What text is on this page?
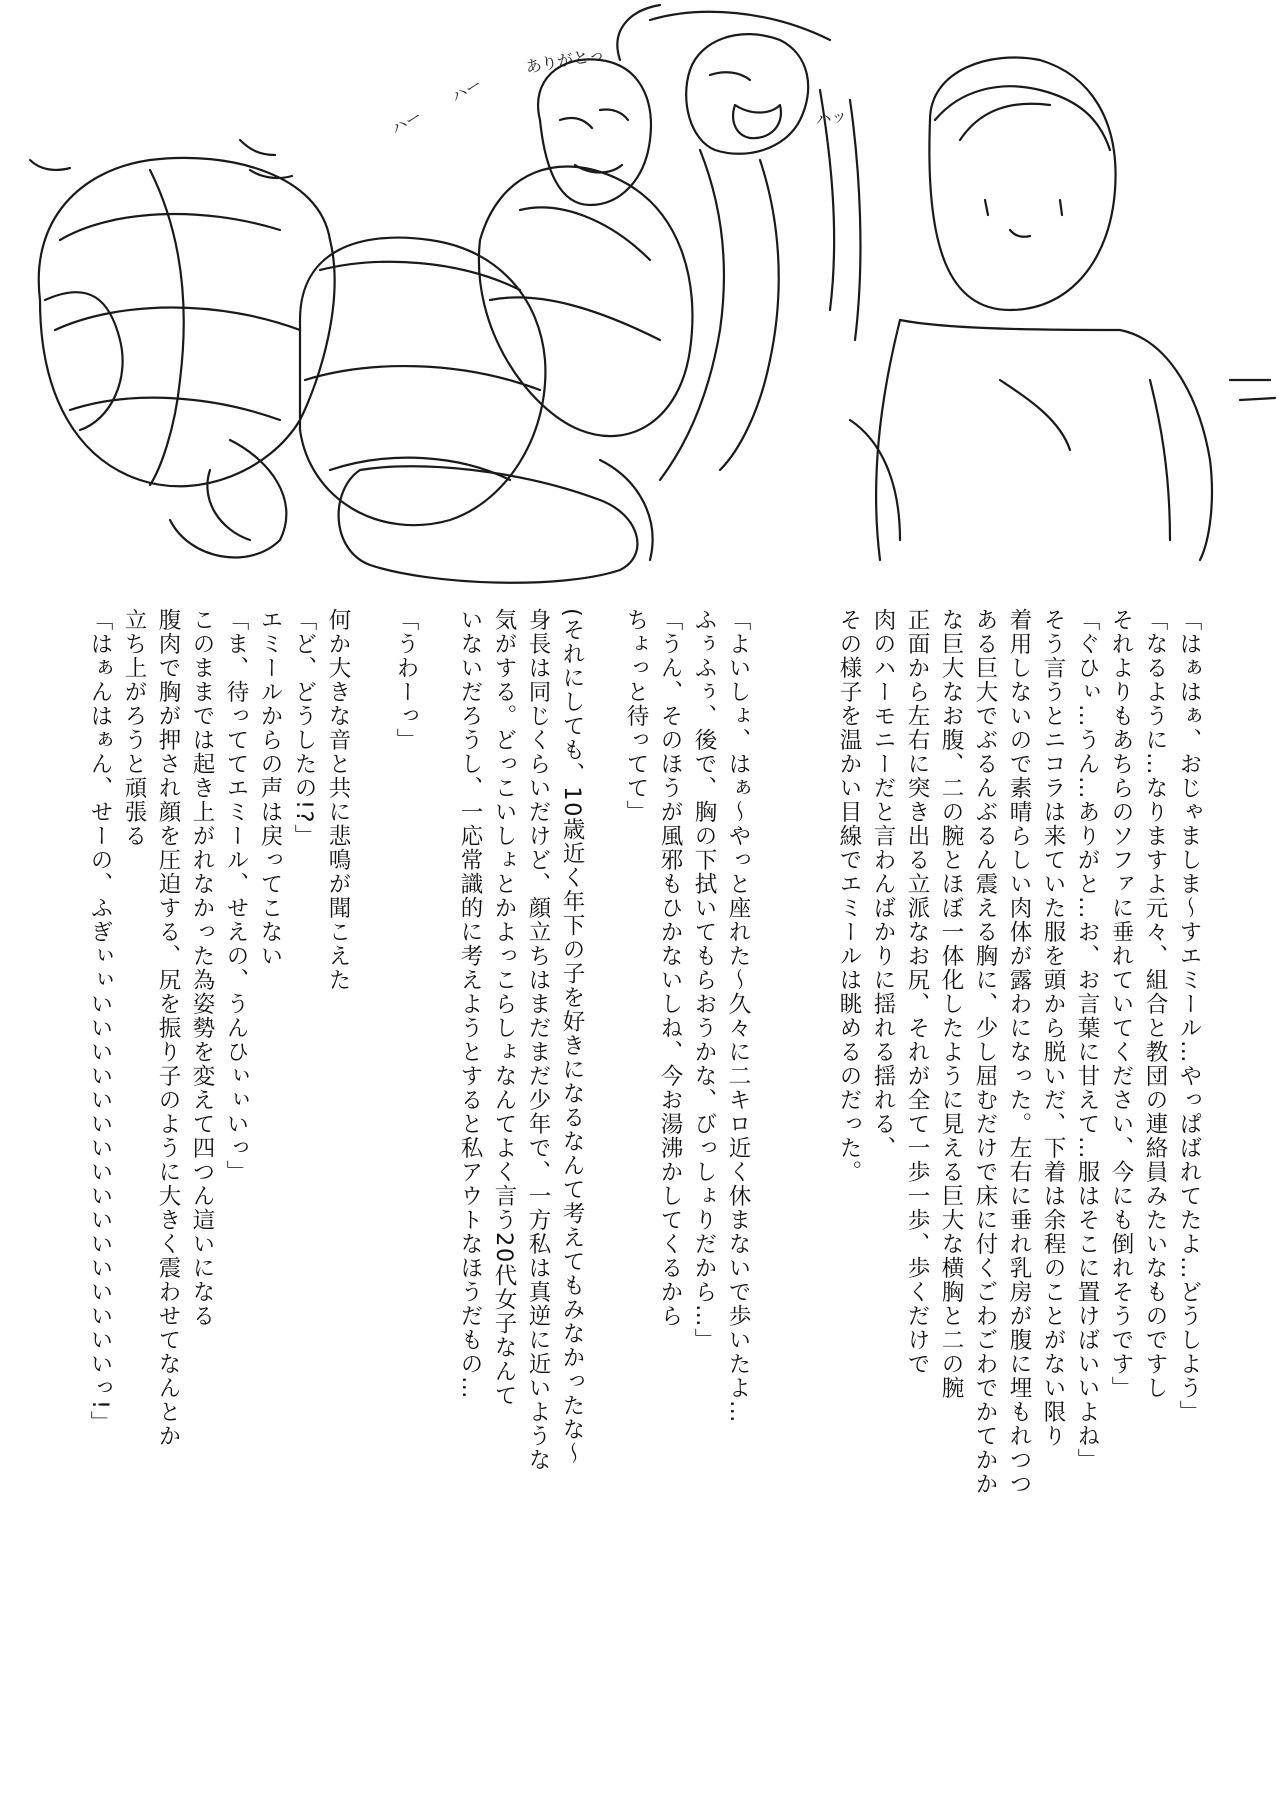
ありがとっ
ハー
ハー	ハッ
「はぁはぁ、おじゃましま〜すエミール…やっぱばれてたよ…どうしよう」
「なるように…なりますよ元々、組合と教団の連絡員みたいなものですし
それよりもあちらのソファに垂れていてください、今にも倒れそうです」
「ぐひぃ…うん…ありがと…お、お言葉に甘えて…服はそこに置けばいいよね」
そう言うとニコラは来ていた服を頭から脱いだ、下着は余程のことがない限り
着用しないので素晴らしい肉体が露わになった。左右に垂れ乳房が腹に埋もれつつ
ある巨大でぶるんぶるん震える胸に、少し屈むだけで床に付くごわごわでかてかか
な巨大なお腹、二の腕とほぼ一体化したように見える巨大な横胸と二の腕
正面から左右に突き出る立派なお尻、それが全て一歩一歩、歩くだけで
肉のハーモニーだと言わんばかりに揺れる揺れる、
その様子を温かい目線でエミールは眺めるのだった。
「よいしょ、はぁ〜やっと座れた〜久々に二キロ近く休まないで歩いたよ…
ふぅふぅ、後で、胸の下拭いてもらおうかな、びっしょりだから…」
「うん、そのほうが風邪もひかないしね、今お湯沸かしてくるから
ちょっと待ってて」
(それにしても、10歳近く年下の子を好きになるなんて考えてもみなかったな〜
身長は同じくらいだけど、顔立ちはまだまだ少年で、一方私は真逆に近いような
気がする。どっこいしょとかよっこらしょなんてよく言う20代女子なんて
いないだろうし、一応常識的に考えようとすると私アウトなほうだもの…
「うわーっ」
何か大きな音と共に悲鳴が聞こえた
「ど、どうしたの!?」
エミールからの声は戻ってこない
「ま、待っててエミール、せえの、うんひぃぃいっ」
このままでは起き上がれなかった為姿勢を変えて四つん這いになる
腹肉で胸が押され顔を圧迫する、尻を振り子のように大きく震わせてなんとか
立ち上がろうと頑張る
「はぁんはぁん、せーの、ふぎぃぃいいいいいいいいいいいいいいいいっ!」
